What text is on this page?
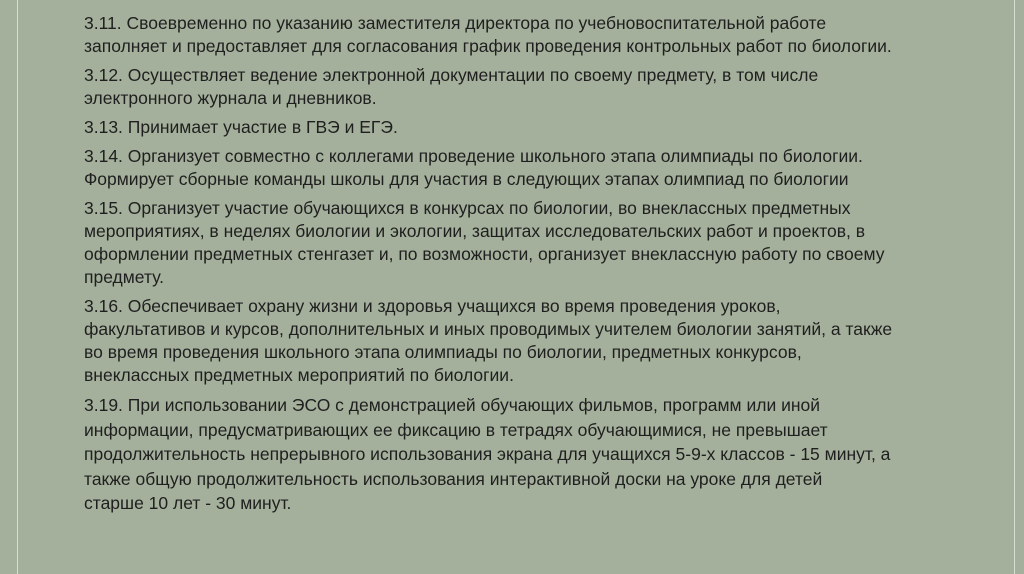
3.11. Своевременно по указанию заместителя директора по учебновоспитательной работе
заполняет и предоставляет для согласования график проведения контрольных работ по биологии.

3.12. Осуществляет ведение электронной документации по своему предмету, в том числе
электронного журнала и дневников.

3.13. Принимает участие в ГВЭ и ЕГЭ.

3.14. Организует совместно с коллегами проведение школьного этапа олимпиады по биологии.
Формирует сборные команды школы для участия в следующих этапах олимпиад по биологии

3.15. Организует участие обучающихся в конкурсах по биологии, во внеклассных предметных
мероприятиях, в неделях биологии и экологии, защитах исследовательских работ и проектов, в
оформлении предметных стенгазет и, по возможности, организует внеклассную работу по своему
предмету.

3.16. Обеспечивает охрану жизни и здоровья учащихся во время проведения уроков,
факультативов и курсов, дополнительных и иных проводимых учителем биологии занятий, а также
во время проведения школьного этапа олимпиады по биологии, предметных конкурсов,
внеклассных предметных мероприятий по биологии.

3.19. При использовании ЭСО с демонстрацией обучающих фильмов, программ или иной
информации, предусматривающих ее фиксацию в тетрадях обучающимися, не превышает
продолжительность непрерывного использования экрана для учащихся 5-9-х классов - 15 минут, а
также общую продолжительность использования интерактивной доски на уроке для детей
старше 10 лет - 30 минут.
